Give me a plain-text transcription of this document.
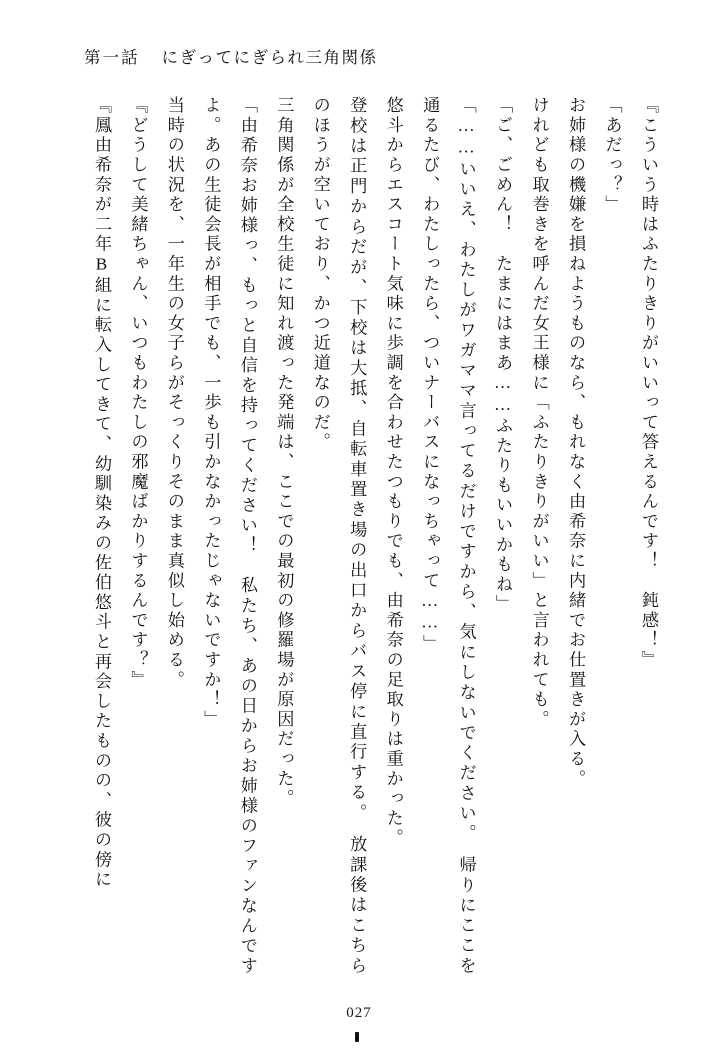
第一話 にぎってにぎられ三角関係

『こういう時はふたりきりがいいって答えるんです！　鈍感！』

「あだっ？」

お姉様の機嫌を損ねようものなら、もれなく由希奈に内緒でお仕置きが入る。

けれども取巻きを呼んだ女王様に「ふたりきりがいい」と言われても。

「ご、ごめん！　たまにはまあ……ふたりもいいかもね」

「……いいえ、わたしがワガママ言ってるだけですから、気にしないでください。　帰りにここを通るたび、わたしったら、ついナーバスになっちゃって……」

悠斗からエスコート気味に歩調を合わせたつもりでも、由希奈の足取りは重かった。

登校は正門からだが、下校は大抵、自転車置き場の出口からバス停に直行する。　放課後はこちらのほうが空いており、かつ近道なのだ。

三角関係が全校生徒に知れ渡った発端は、ここでの最初の修羅場が原因だった。

「由希奈お姉様っ、もっと自信を持ってください！　私たち、あの日からお姉様のファンなんですよ。あの生徒会長が相手でも、一歩も引かなかったじゃないですか！」

当時の状況を、一年生の女子らがそっくりそのまま真似し始める。

『どうして美緒ちゃん、いつもわたしの邪魔ばかりするんです？』

『鳳由希奈が二年B組に転入してきて、幼馴染みの佐伯悠斗と再会したものの、彼の傍に

027
